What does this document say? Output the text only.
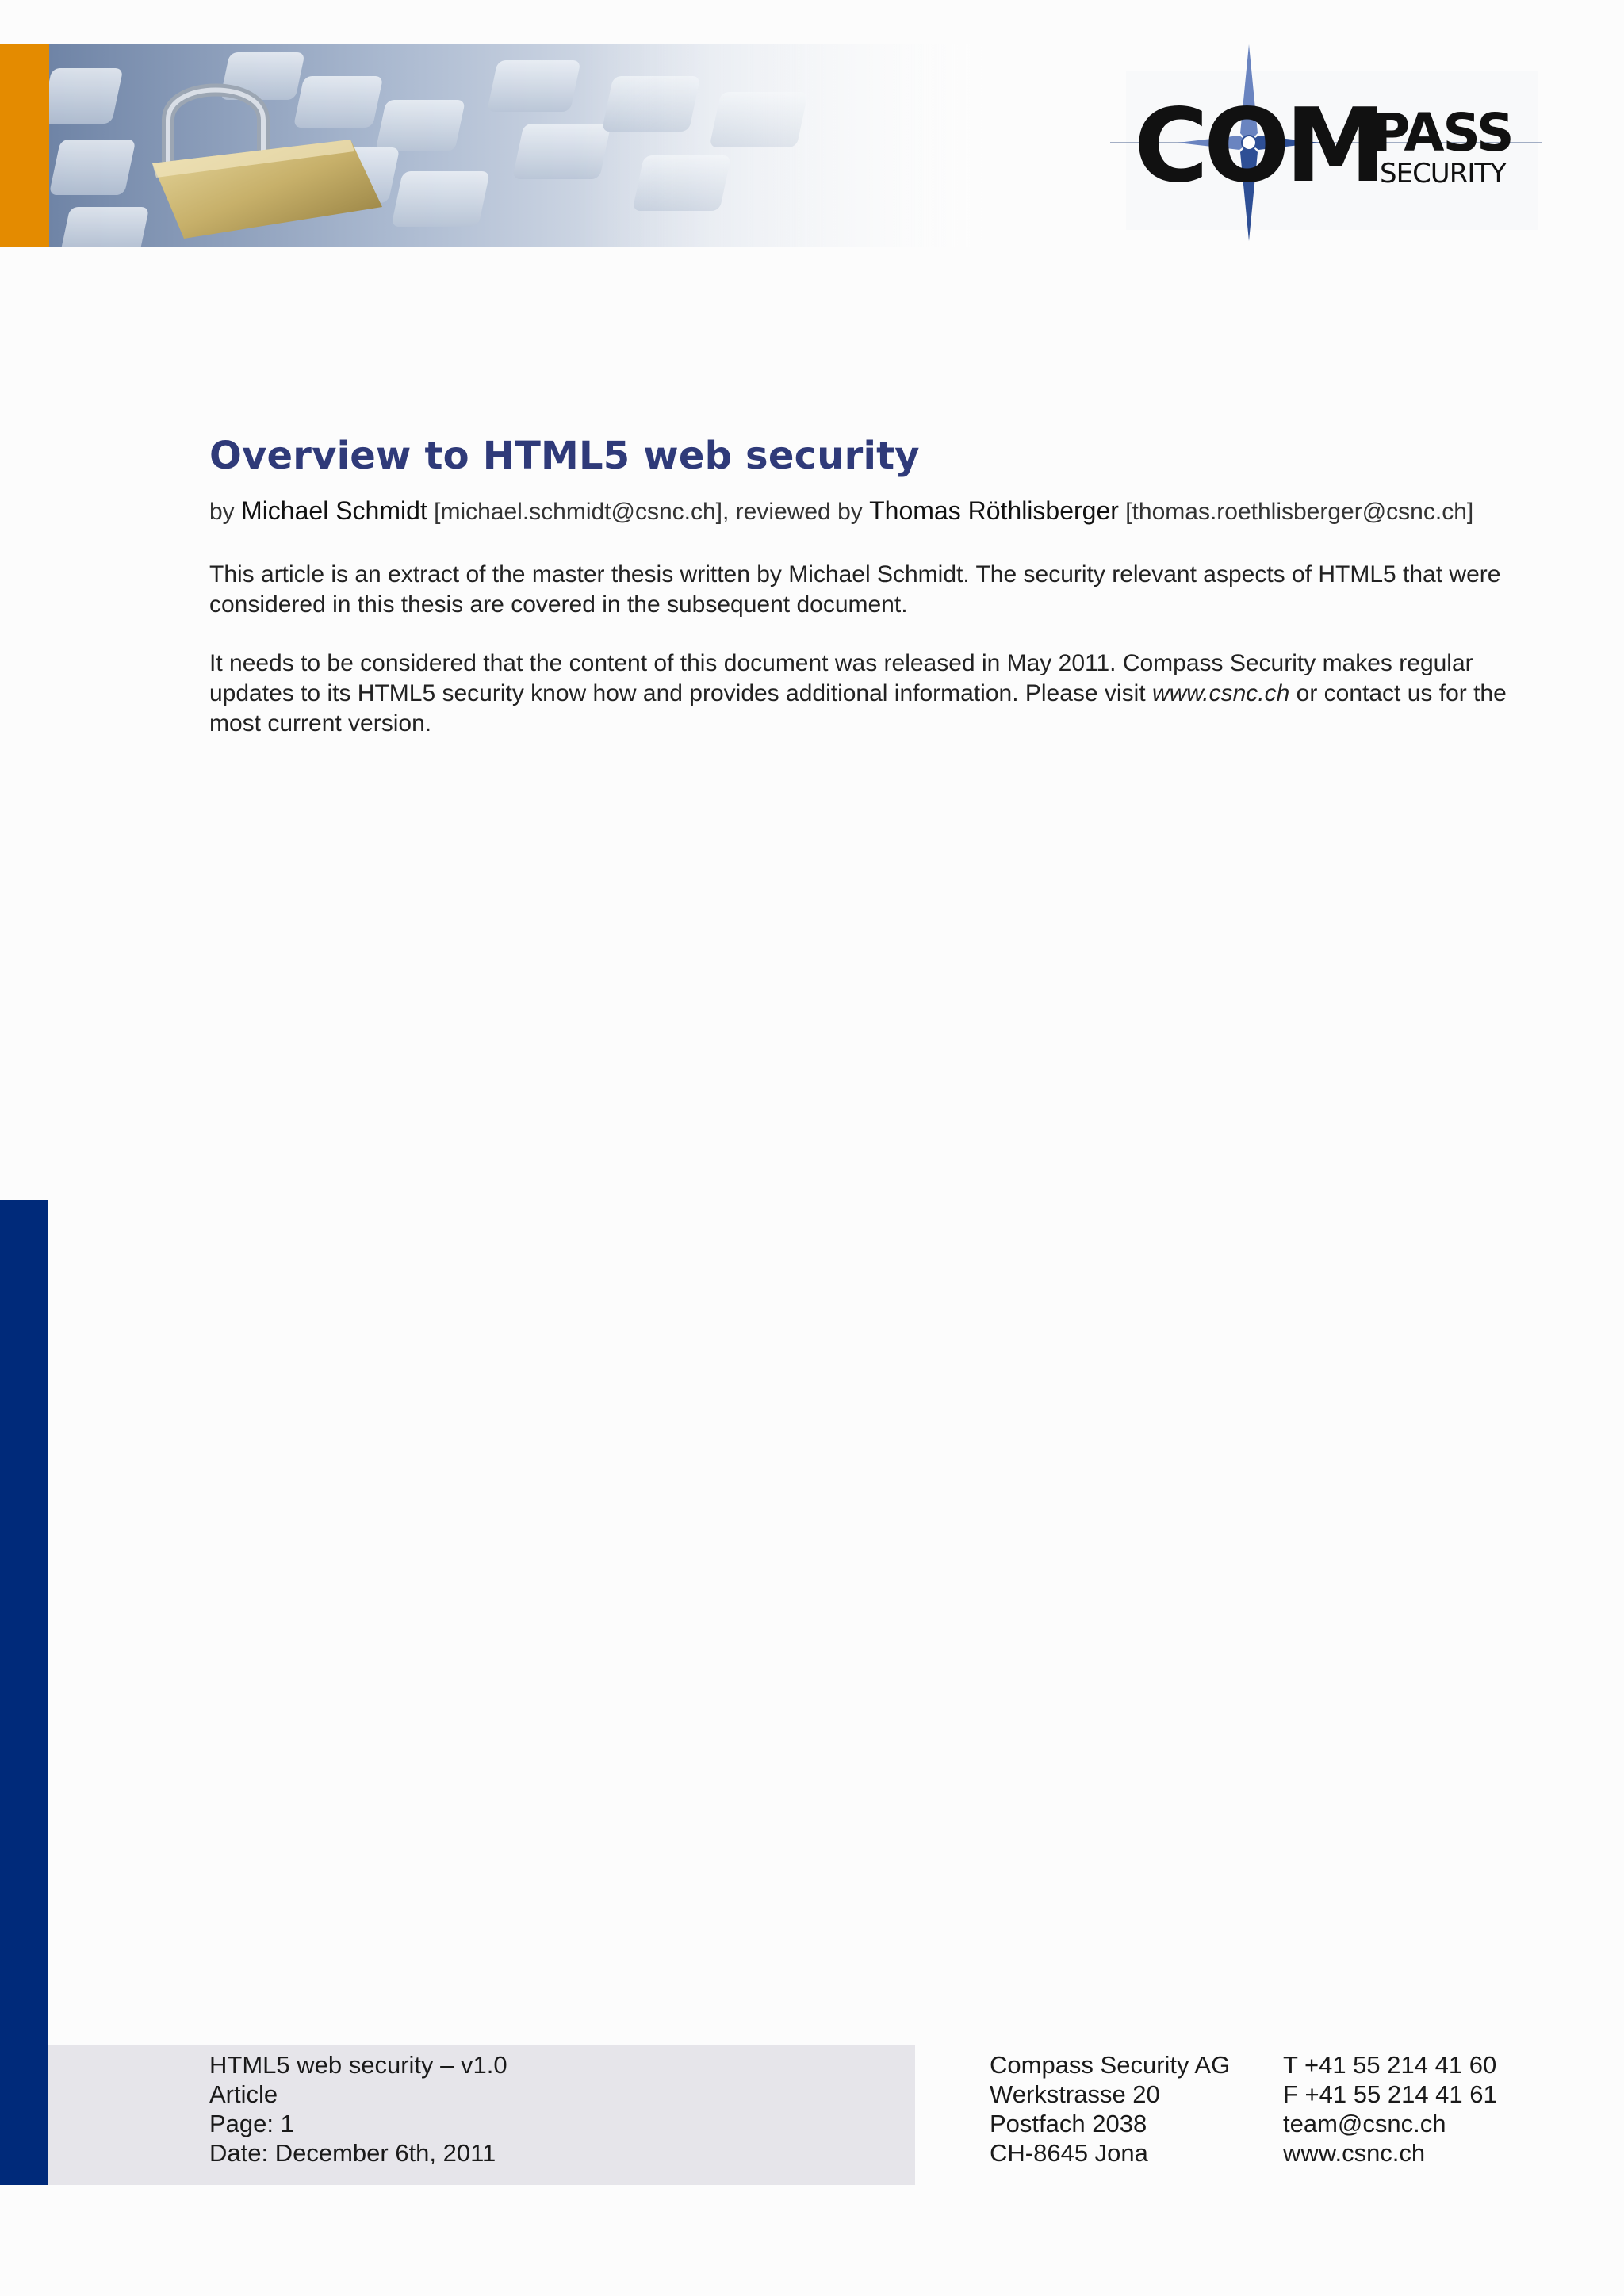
COM
PASS
SECURITY
Overview to HTML5 web security

by Michael Schmidt [michael.schmidt@csnc.ch], reviewed by Thomas Röthlisberger [thomas.roethlisberger@csnc.ch]

This article is an extract of the master thesis written by Michael Schmidt. The security relevant aspects of HTML5 that were considered in this thesis are covered in the subsequent document.

It needs to be considered that the content of this document was released in May 2011. Compass Security makes regular updates to its HTML5 security know how and provides additional information. Please visit www.csnc.ch or contact us for the most current version.

HTML5 web security – v1.0
Article
Page: 1
Date: December 6th, 2011
Compass Security AG
Werkstrasse 20
Postfach 2038
CH-8645 Jona
T +41 55 214 41 60
F +41 55 214 41 61
team@csnc.ch
www.csnc.ch
